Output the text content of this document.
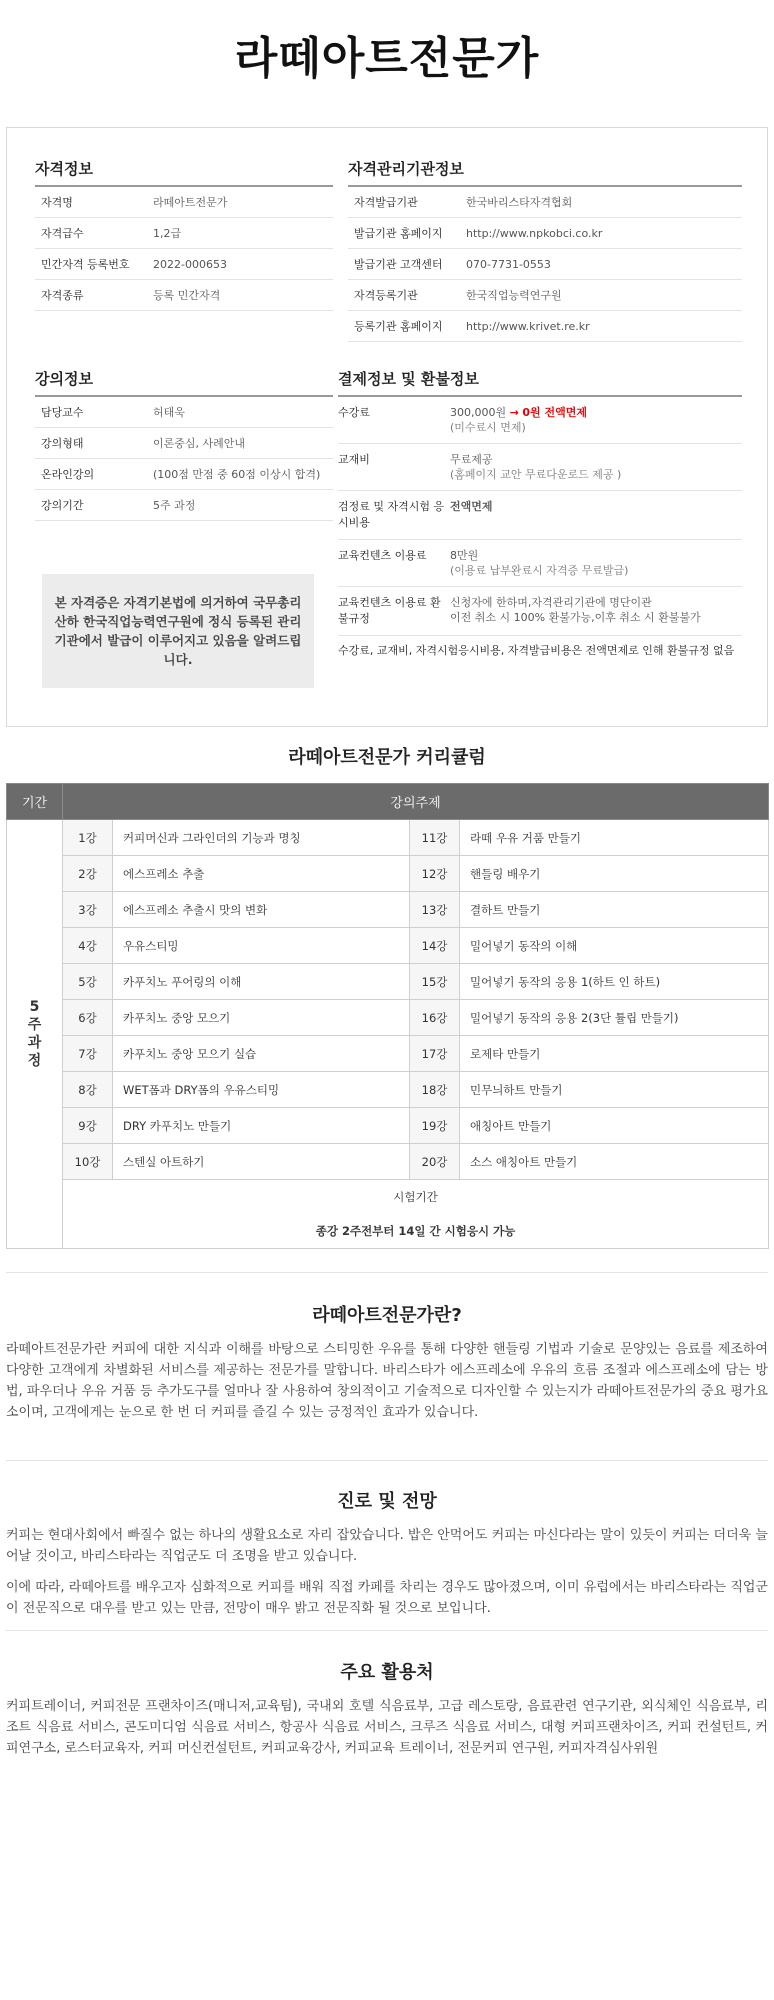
라떼아트전문가
자격정보
자격명	라떼아트전문가
자격급수	1,2급
민간자격 등록번호	2022-000653
자격종류	등록 민간자격
자격관리기관정보
자격발급기관	한국바리스타자격협회
발급기관 홈페이지	http://www.npkobci.co.kr
발급기관 고객센터	070-7731-0553
자격등록기관	한국직업능력연구원
등록기관 홈페이지	http://www.krivet.re.kr
강의정보
담당교수	허태욱
강의형태	이론중심, 사례안내
온라인강의	(100점 만점 중 60점 이상시 합격)
강의기간	5주 과정
본 자격증은 자격기본법에 의거하여 국무총리산하 한국직업능력연구원에 정식 등록된 관리기관에서 발급이 이루어지고 있음을 알려드립니다.
결제정보 및 환불정보
수강료	300,000원 → 0원 전액면제
(미수료시 면제)
교재비	무료제공
(홈페이지 교안 무료다운로드 제공 )
검정료 및 자격시험 응시비용
전액면제
교육컨텐츠 이용료	8만원
(이용료 납부완료시 자격증 무료발급)
교육컨텐츠 이용료 환불규정
신청자에 한하며,자격관리기관에 명단이관
이전 취소 시 100% 환불가능,이후 취소 시 환불불가
수강료, 교재비, 자격시험응시비용, 자격발급비용은 전액면제로 인해 환불규정 없음
라떼아트전문가 커리큘럼
기간	강의주제			
5주 과정	1강	커피머신과 그라인더의 기능과 명칭	11강	라떼 우유 거품 만들기
	2강	에스프레소 추출	12강	핸들링 배우기
	3강	에스프레소 추출시 맛의 변화	13강	결하트 만들기
	4강	우유스티밍	14강	밀어넣기 동작의 이해
	5강	카푸치노 푸어링의 이해	15강	밀어넣기 동작의 응용 1(하트 인 하트)
	6강	카푸치노 중앙 모으기	16강	밀어넣기 동작의 응용 2(3단 튤립 만들기)
	7강	카푸치노 중앙 모으기 실습	17강	로제타 만들기
	8강	WET폼과 DRY폼의 우유스티밍	18강	민무늬하트 만들기
	9강	DRY 카푸치노 만들기	19강	애칭아트 만들기
	10강	스텐실 아트하기	20강	소스 애칭아트 만들기

	시험기간
종강 2주전부터 14일 간 시험응시 가능			
라떼아트전문가란?

라떼아트전문가란 커피에 대한 지식과 이해를 바탕으로 스티밍한 우유를 통해 다양한 핸들링 기법과 기술로 문양있는 음료를 제조하여 다양한 고객에게 차별화된 서비스를 제공하는 전문가를 말합니다. 바리스타가 에스프레소에 우유의 흐름 조절과 에스프레소에 담는 방법, 파우더나 우유 거품 등 추가도구를 얼마나 잘 사용하여 창의적이고 기술적으로 디자인할 수 있는지가 라떼아트전문가의 중요 평가요소이며, 고객에게는 눈으로 한 번 더 커피를 즐길 수 있는 긍정적인 효과가 있습니다.

진로 및 전망

커피는 현대사회에서 빠질수 없는 하나의 생활요소로 자리 잡았습니다. 밥은 안먹어도 커피는 마신다라는 말이 있듯이 커피는 더더욱 늘어날 것이고, 바리스타라는 직업군도 더 조명을 받고 있습니다.

이에 따라, 라떼아트를 배우고자 심화적으로 커피를 배워 직접 카페를 차리는 경우도 많아졌으며, 이미 유럽에서는 바리스타라는 직업군이 전문직으로 대우를 받고 있는 만큼, 전망이 매우 밝고 전문직화 될 것으로 보입니다.

주요 활용처

커피트레이너, 커피전문 프랜차이즈(매니저,교육팀), 국내외 호텔 식음료부, 고급 레스토랑, 음료관련 연구기관, 외식체인 식음료부, 리조트 식음료 서비스, 콘도미디엄 식음료 서비스, 항공사 식음료 서비스, 크루즈 식음료 서비스, 대형 커피프랜차이즈, 커피 컨설턴트, 커피연구소, 로스터교육자, 커피 머신컨설턴트, 커피교육강사, 커피교육 트레이너, 전문커피 연구원, 커피자격심사위원
